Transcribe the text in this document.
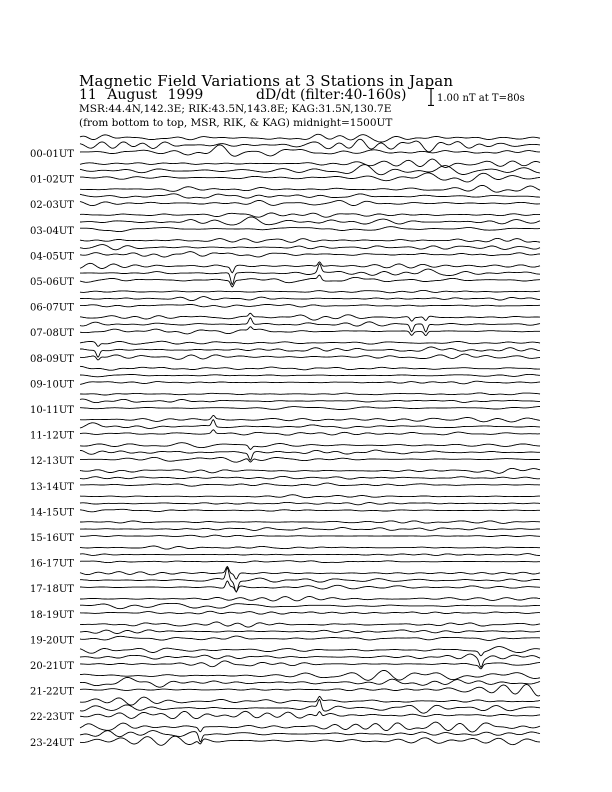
Magnetic Field Variations at 3 Stations in Japan
11 August 1999	dD/dt (filter:40-160s)
MSR:44.4N,142.3E; RIK:43.5N,143.8E; KAG:31.5N,130.7E
(from bottom to top, MSR, RIK, & KAG) midnight=1500UT
1.00 nT at T=80s
00-01UT
01-02UT
02-03UT
03-04UT
04-05UT
05-06UT
06-07UT
07-08UT
08-09UT
09-10UT
10-11UT
11-12UT
12-13UT
13-14UT
14-15UT
15-16UT
16-17UT
17-18UT
18-19UT
19-20UT
20-21UT
21-22UT
22-23UT
23-24UT
